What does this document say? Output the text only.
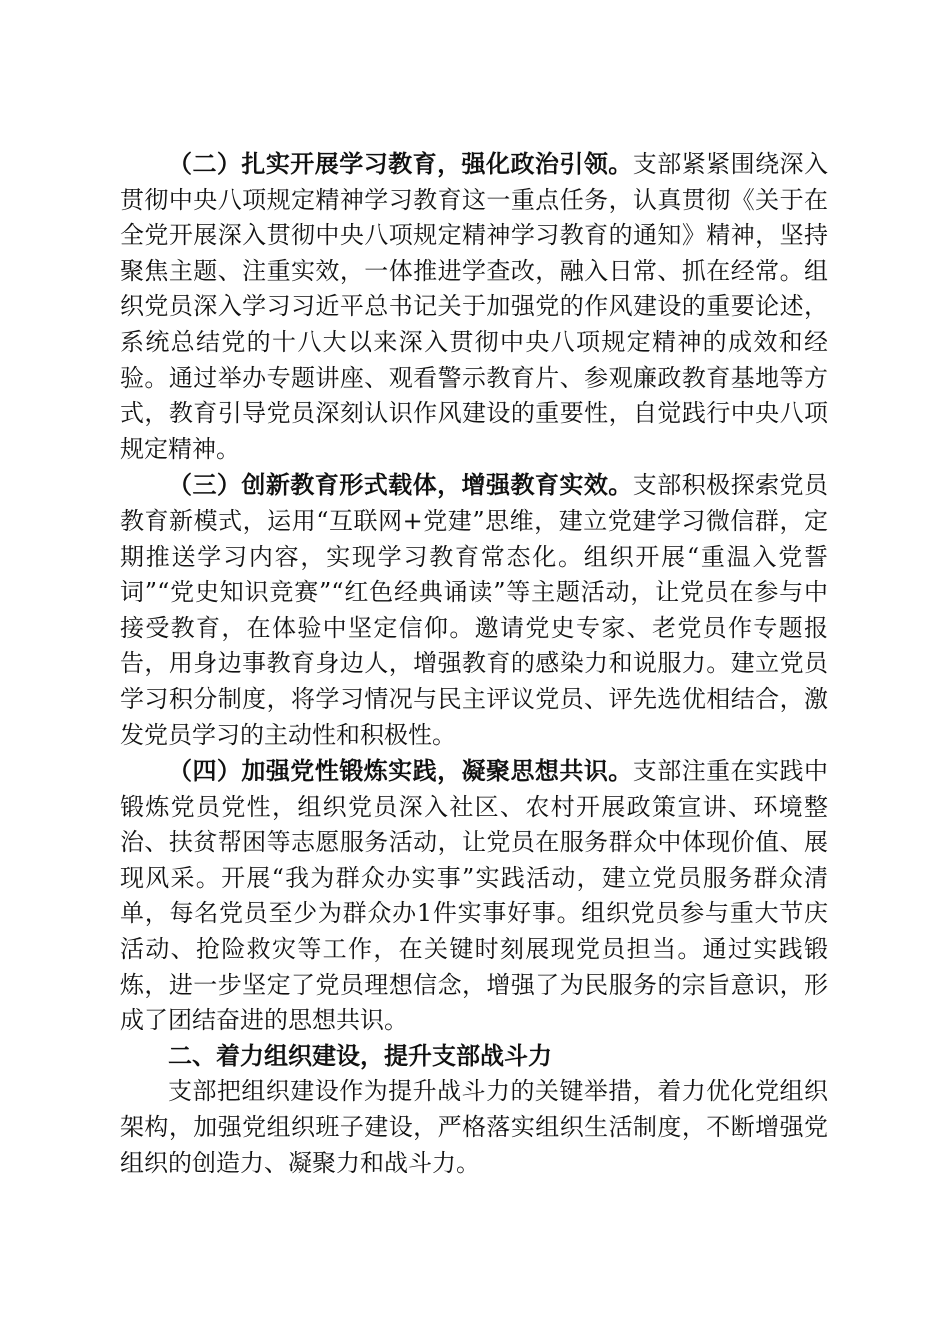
（二）扎实开展学习教育，强化政治引领。支部紧紧围绕深入贯彻中央八项规定精神学习教育这一重点任务，认真贯彻《关于在全党开展深入贯彻中央八项规定精神学习教育的通知》精神，坚持聚焦主题、注重实效，一体推进学查改，融入日常、抓在经常。组织党员深入学习习近平总书记关于加强党的作风建设的重要论述，系统总结党的十八大以来深入贯彻中央八项规定精神的成效和经验。通过举办专题讲座、观看警示教育片、参观廉政教育基地等方式，教育引导党员深刻认识作风建设的重要性，自觉践行中央八项规定精神。

（三）创新教育形式载体，增强教育实效。支部积极探索党员教育新模式，运用“互联网+党建”思维，建立党建学习微信群，定期推送学习内容，实现学习教育常态化。组织开展“重温入党誓词”“党史知识竞赛”“红色经典诵读”等主题活动，让党员在参与中接受教育，在体验中坚定信仰。邀请党史专家、老党员作专题报告，用身边事教育身边人，增强教育的感染力和说服力。建立党员学习积分制度，将学习情况与民主评议党员、评先选优相结合，激发党员学习的主动性和积极性。

（四）加强党性锻炼实践，凝聚思想共识。支部注重在实践中锻炼党员党性，组织党员深入社区、农村开展政策宣讲、环境整治、扶贫帮困等志愿服务活动，让党员在服务群众中体现价值、展现风采。开展“我为群众办实事”实践活动，建立党员服务群众清单，每名党员至少为群众办1件实事好事。组织党员参与重大节庆活动、抢险救灾等工作，在关键时刻展现党员担当。通过实践锻炼，进一步坚定了党员理想信念，增强了为民服务的宗旨意识，形成了团结奋进的思想共识。

二、着力组织建设，提升支部战斗力

支部把组织建设作为提升战斗力的关键举措，着力优化党组织架构，加强党组织班子建设，严格落实组织生活制度，不断增强党组织的创造力、凝聚力和战斗力。
